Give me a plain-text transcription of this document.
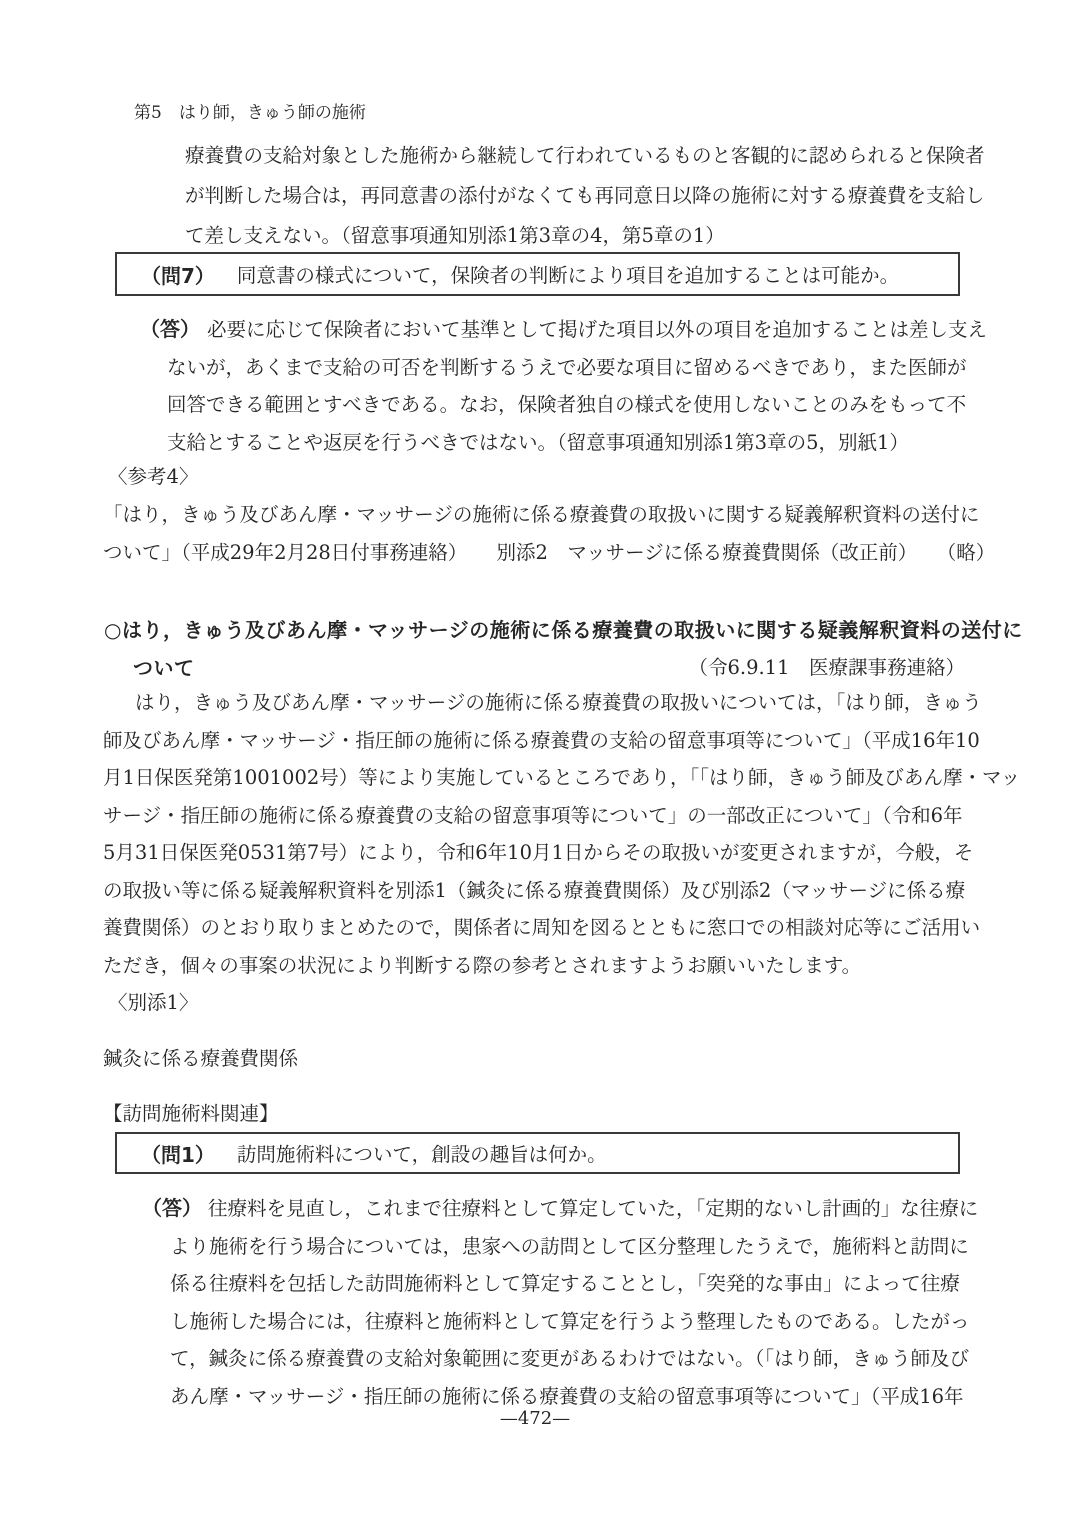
第5　はり師，きゅう師の施術
療養費の支給対象とした施術から継続して行われているものと客観的に認められると保険者
が判断した場合は，再同意書の添付がなくても再同意日以降の施術に対する療養費を支給し
て差し支えない。（留意事項通知別添1第3章の4，第5章の1）
（問7） 同意書の様式について，保険者の判断により項目を追加することは可能か。
（答） 必要に応じて保険者において基準として掲げた項目以外の項目を追加することは差し支え
ないが，あくまで支給の可否を判断するうえで必要な項目に留めるべきであり，また医師が
回答できる範囲とすべきである。なお，保険者独自の様式を使用しないことのみをもって不
支給とすることや返戻を行うべきではない。（留意事項通知別添1第3章の5，別紙1）
〈参考4〉
「はり，きゅう及びあん摩・マッサージの施術に係る療養費の取扱いに関する疑義解釈資料の送付に
ついて」（平成29年2月28日付事務連絡）　　別添2　マッサージに係る療養費関係（改正前）　　（略）
○はり，きゅう及びあん摩・マッサージの施術に係る療養費の取扱いに関する疑義解釈資料の送付に
ついて	（令6.9.11　医療課事務連絡）
はり，きゅう及びあん摩・マッサージの施術に係る療養費の取扱いについては，「はり師，きゅう
師及びあん摩・マッサージ・指圧師の施術に係る療養費の支給の留意事項等について」（平成16年10
月1日保医発第1001002号）等により実施しているところであり，「「はり師，きゅう師及びあん摩・マッ
サージ・指圧師の施術に係る療養費の支給の留意事項等について」の一部改正について」（令和6年
5月31日保医発0531第7号）により，令和6年10月1日からその取扱いが変更されますが，今般，そ
の取扱い等に係る疑義解釈資料を別添1（鍼灸に係る療養費関係）及び別添2（マッサージに係る療
養費関係）のとおり取りまとめたので，関係者に周知を図るとともに窓口での相談対応等にご活用い
ただき，個々の事案の状況により判断する際の参考とされますようお願いいたします。
〈別添1〉
鍼灸に係る療養費関係
【訪問施術料関連】
（問1） 訪問施術料について，創設の趣旨は何か。
（答） 往療料を見直し，これまで往療料として算定していた，「定期的ないし計画的」な往療に
より施術を行う場合については，患家への訪問として区分整理したうえで，施術料と訪問に
係る往療料を包括した訪問施術料として算定することとし，「突発的な事由」によって往療
し施術した場合には，往療料と施術料として算定を行うよう整理したものである。したがっ
て，鍼灸に係る療養費の支給対象範囲に変更があるわけではない。（「はり師，きゅう師及び
あん摩・マッサージ・指圧師の施術に係る療養費の支給の留意事項等について」（平成16年
—472—
